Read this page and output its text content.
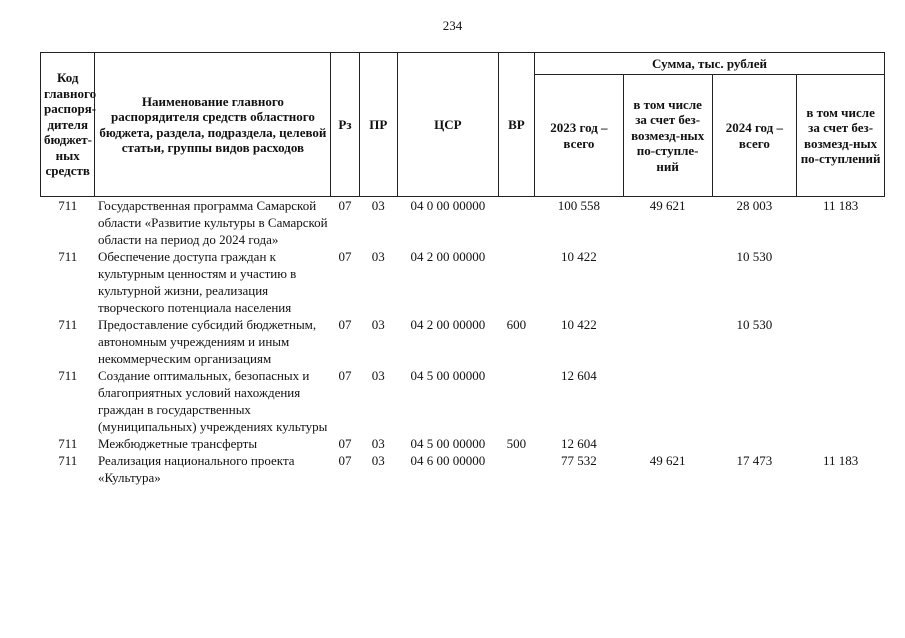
234
Код главного распоря-дителя бюджет-ных средств	Наименование главного распорядителя средств областного бюджета, раздела, подраздела, целевой статьи, группы видов расходов	Рз	ПР	ЦСР	ВР	Сумма, тыс. рублей			
						2023 год – всего	в том числе за счет без-возмезд-ных по-ступле-ний	2024 год – всего	в том числе за счет без-возмезд-ных по-ступлений
711	Государственная программа Самарской области «Развитие культуры в Самарской области на период до 2024 года»	07	03	04 0 00 00000		100 558	49 621	28 003	11 183
711	Обеспечение доступа граждан к культурным ценностям и участию в культурной жизни, реализация творческого потенциала населения	07	03	04 2 00 00000		10 422		10 530	
711	Предоставление субсидий бюджетным, автономным учреждениям и иным некоммерческим организациям	07	03	04 2 00 00000	600	10 422		10 530	
711	Создание оптимальных, безопасных и благоприятных условий нахождения граждан в государственных (муниципальных) учреждениях культуры	07	03	04 5 00 00000		12 604			
711	Межбюджетные трансферты	07	03	04 5 00 00000	500	12 604			
711	Реализация национального проекта «Культура»	07	03	04 6 00 00000		77 532	49 621	17 473	11 183
